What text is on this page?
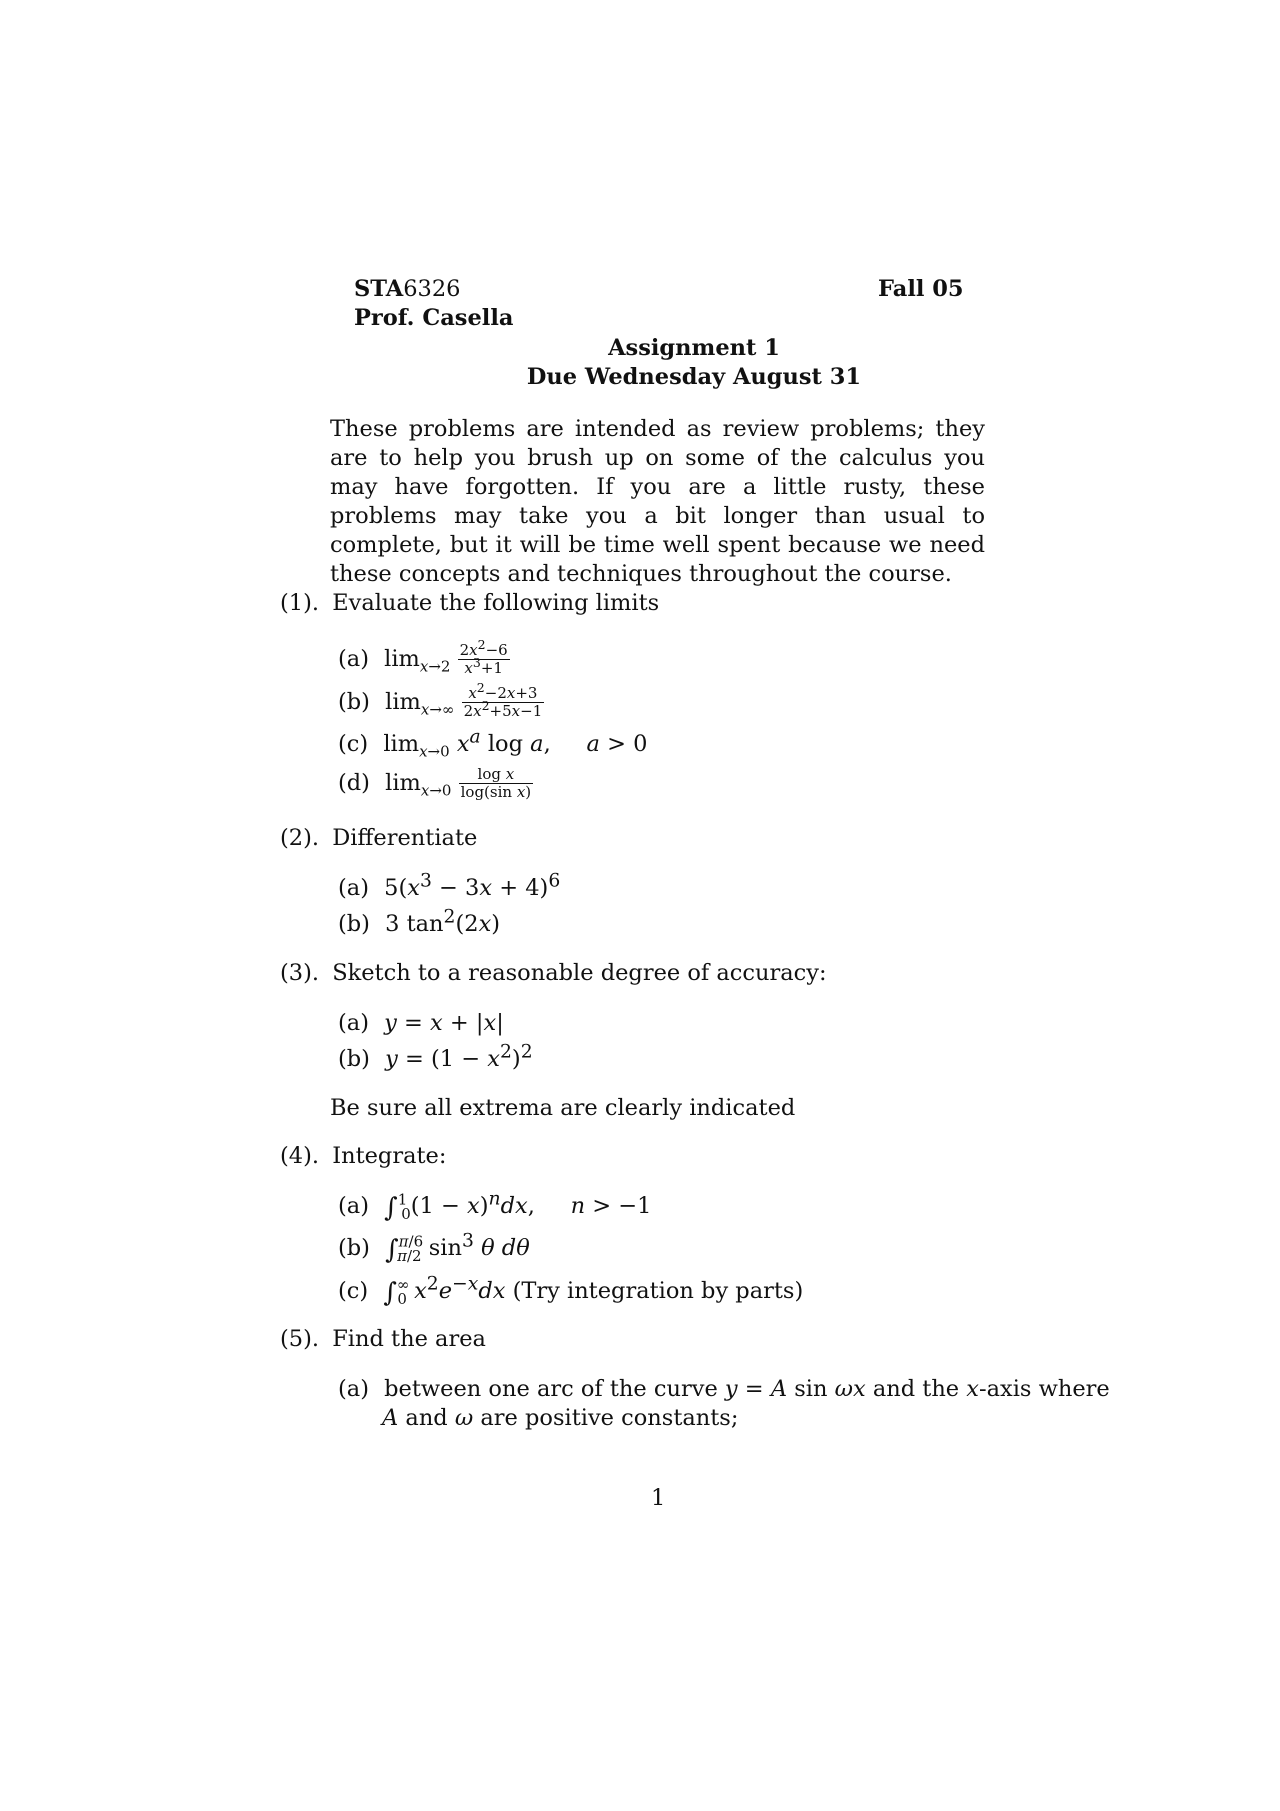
STA6326	Fall 05
Prof. Casella
Assignment 1
Due Wednesday August 31
These problems are intended as review problems; they are to help you brush up on some of the calculus you may have forgotten. If you are a little rusty, these problems may take you a bit longer than usual to complete, but it will be time well spent because we need these concepts and techniques throughout the course.
(1). Evaluate the following limits
(a) $\lim_{x\to 2} \frac{2x^2-6}{x^3+1}$
(b) $\lim_{x\to\infty} \frac{x^2-2x+3}{2x^2+5x-1}$
(c) $\lim_{x\to 0} x^a$ log a,     a > 0
(d) $\lim_{x\to 0} \frac{\text{log x}}{\text{log(sin x)}}$
(2). Differentiate
(a) $5(x^3 - 3x + 4)^6$
(b) 3 $\tan^2(2x)$
(3). Sketch to a reasonable degree of accuracy:
(a) y = x + |x|
(b) $y = (1 - x^2)^2$
Be sure all extrema are clearly indicated
(4). Integrate:
(a) $\int^1_0(1 - x)^ndx$,     n > −1
(b) ∫$^{\pi/6}_{\pi/2}$ $\sin^3 \theta$ dθ
(c) $\int^\infty_0$ $x^2e^{-x}dx$ (Try integration by parts)
(5). Find the area
(a) between one arc of the curve y = A sin ωx and the x-axis where
A and ω are positive constants;
1
